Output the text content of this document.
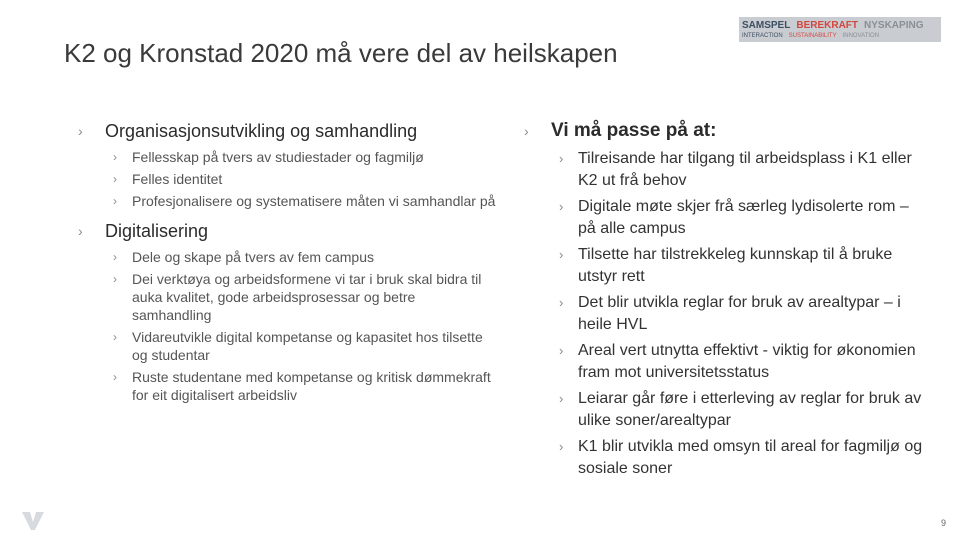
K2 og Kronstad 2020 må vere del av heilskapen
SAMSPEL BEREKRAFT NYSKAPING
INTERACTION SUSTAINABILITY INNOVATION
› Organisasjonsutvikling og samhandling
› Fellesskap på tvers av studiestader og fagmiljø
› Felles identitet
› Profesjonalisere og systematisere måten vi samhandlar på
› Digitalisering
› Dele og skape på tvers av fem campus
› Dei verktøya og arbeidsformene vi tar i bruk skal bidra til auka kvalitet, gode arbeidsprosessar og betre samhandling
› Vidareutvikle digital kompetanse og kapasitet hos tilsette og studentar
› Ruste studentane med kompetanse og kritisk dømmekraft for eit digitalisert arbeidsliv
› Vi må passe på at:
› Tilreisande har tilgang til arbeidsplass i K1 eller K2 ut frå behov
› Digitale møte skjer frå særleg lydisolerte rom – på alle campus
› Tilsette har tilstrekkeleg kunnskap til å bruke utstyr rett
› Det blir utvikla reglar for bruk av arealtypar – i heile HVL
› Areal vert utnytta effektivt - viktig for økonomien fram mot universitetsstatus
› Leiarar går føre i etterleving av reglar for bruk av ulike soner/arealtypar
› K1 blir utvikla med omsyn til areal for fagmiljø og sosiale soner
9
